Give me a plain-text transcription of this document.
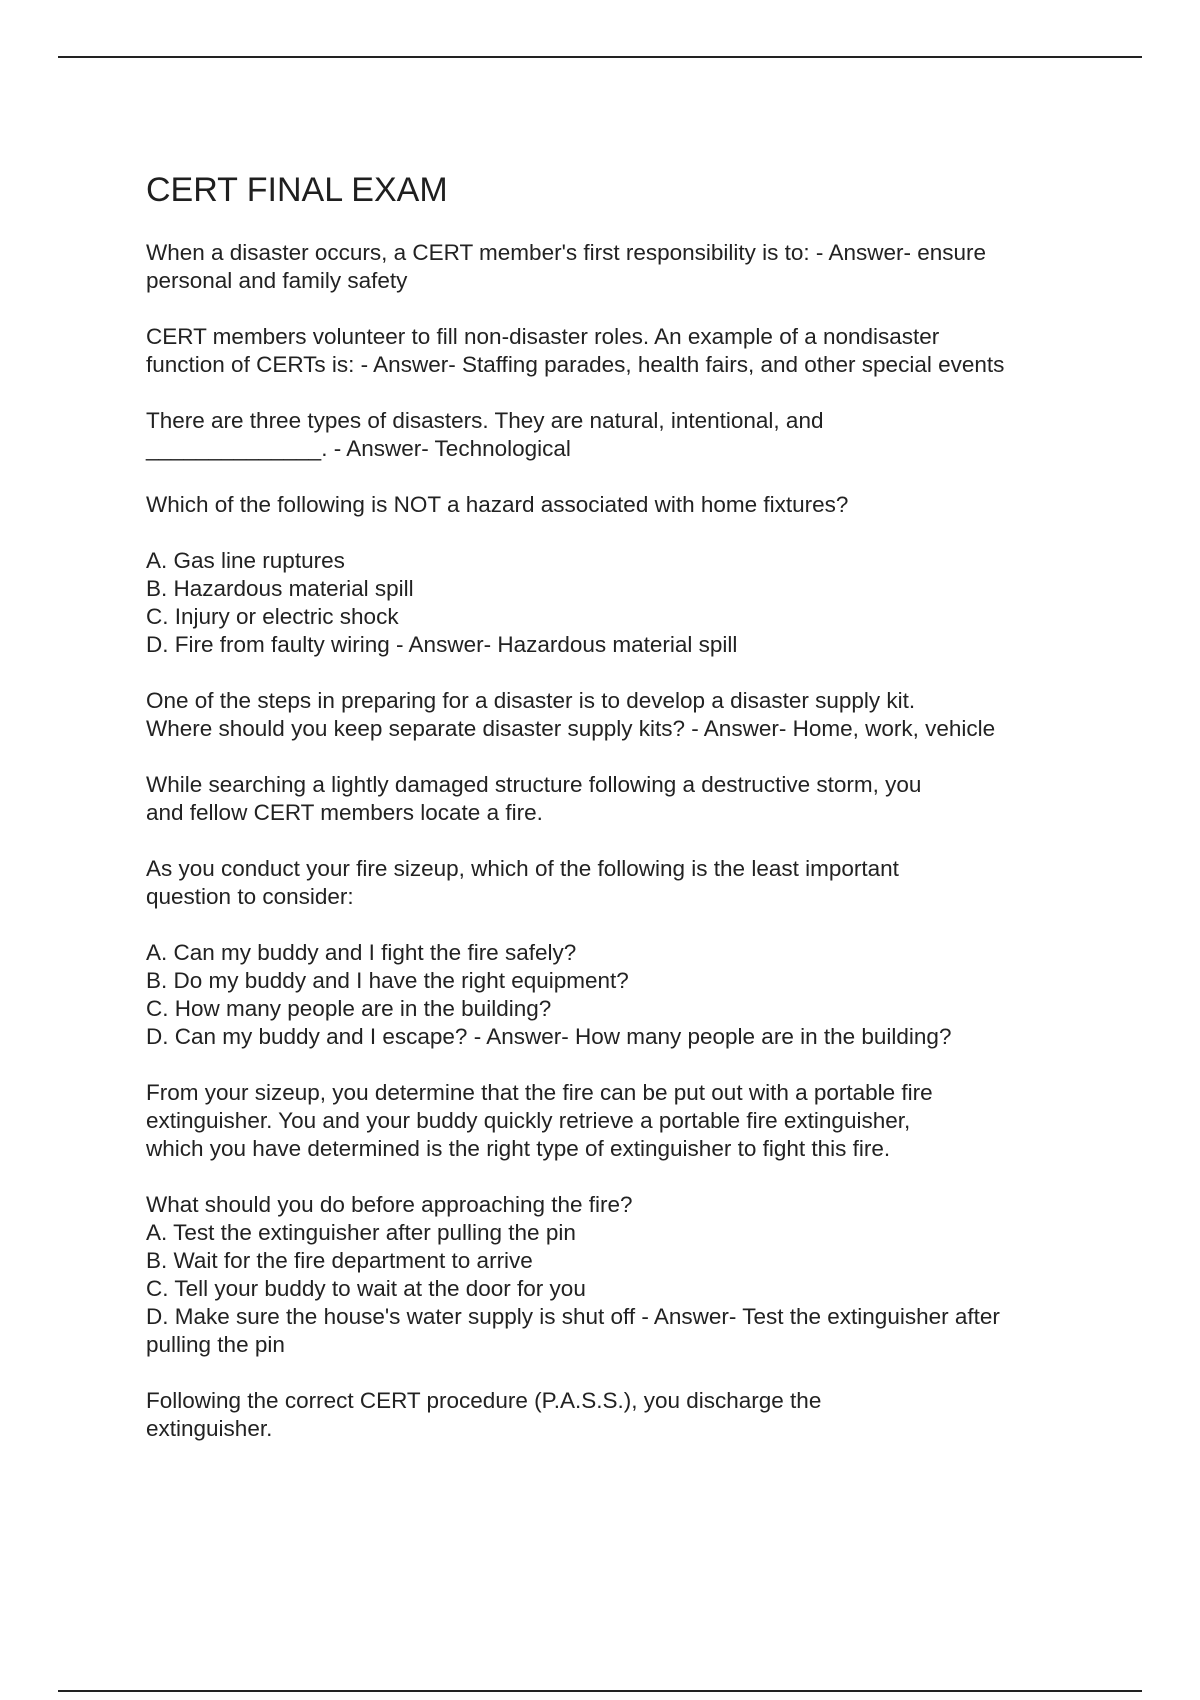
CERT FINAL EXAM

When a disaster occurs, a CERT member's first responsibility is to: - Answer- ensure
personal and family safety

CERT members volunteer to fill non-disaster roles. An example of a nondisaster
function of CERTs is: - Answer- Staffing parades, health fairs, and other special events

There are three types of disasters. They are natural, intentional, and
______________. - Answer- Technological

Which of the following is NOT a hazard associated with home fixtures?

A. Gas line ruptures
B. Hazardous material spill
C. Injury or electric shock
D. Fire from faulty wiring - Answer- Hazardous material spill

One of the steps in preparing for a disaster is to develop a disaster supply kit.
Where should you keep separate disaster supply kits? - Answer- Home, work, vehicle

While searching a lightly damaged structure following a destructive storm, you
and fellow CERT members locate a fire.

As you conduct your fire sizeup, which of the following is the least important
question to consider:

A. Can my buddy and I fight the fire safely?
B. Do my buddy and I have the right equipment?
C. How many people are in the building?
D. Can my buddy and I escape? - Answer- How many people are in the building?

From your sizeup, you determine that the fire can be put out with a portable fire
extinguisher. You and your buddy quickly retrieve a portable fire extinguisher,
which you have determined is the right type of extinguisher to fight this fire.

What should you do before approaching the fire?

A. Test the extinguisher after pulling the pin
B. Wait for the fire department to arrive
C. Tell your buddy to wait at the door for you
D. Make sure the house's water supply is shut off - Answer- Test the extinguisher after
pulling the pin

Following the correct CERT procedure (P.A.S.S.), you discharge the
extinguisher.
